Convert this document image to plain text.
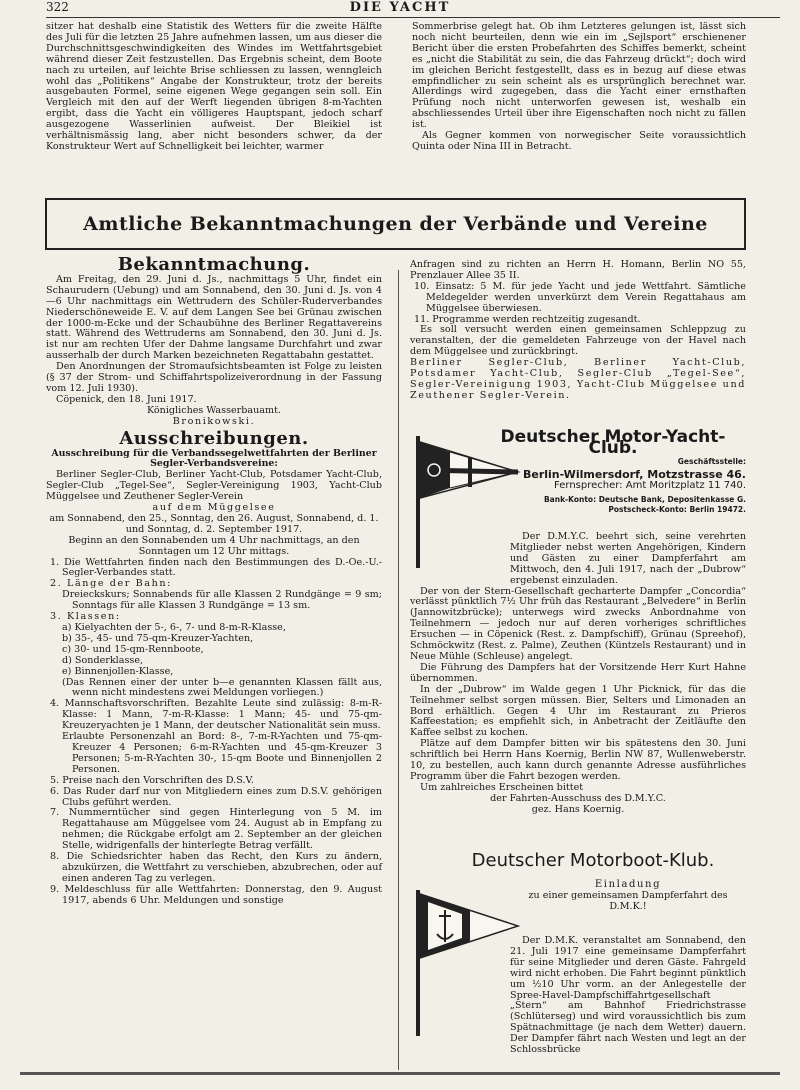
322	DIE YACHT

sitzer hat deshalb eine Statistik des Wetters für die zweite Hälfte des Juli für die letzten 25 Jahre aufnehmen lassen, um aus dieser die Durchschnittsgeschwindigkeiten des Windes im Wettfahrtsgebiet während dieser Zeit festzustellen. Das Ergebnis scheint, dem Boote nach zu urteilen, auf leichte Brise schliessen zu lassen, wenngleich wohl das „Politikens“ Angabe der Konstrukteur, trotz der bereits ausgebauten Formel, seine eigenen Wege gegangen sein soll. Ein Vergleich mit den auf der Werft liegenden übrigen 8-m-Yachten ergibt, dass die Yacht ein völligeres Hauptspant, jedoch scharf ausgezogene Wasserlinien aufweist. Der Bleikiel ist verhältnismässig lang, aber nicht besonders schwer, da der Konstrukteur Wert auf Schnelligkeit bei leichter, warmer

Sommerbrise gelegt hat. Ob ihm Letzteres gelungen ist, lässt sich noch nicht beurteilen, denn wie ein im „Sejlsport“ erschienener Bericht über die ersten Probefahrten des Schiffes bemerkt, scheint es „nicht die Stabilität zu sein, die das Fahrzeug drückt“; doch wird im gleichen Bericht festgestellt, dass es in bezug auf diese etwas empfindlicher zu sein scheint als es ursprünglich berechnet war. Allerdings wird zugegeben, dass die Yacht einer ernsthaften Prüfung noch nicht unterworfen gewesen ist, weshalb ein abschliessendes Urteil über ihre Eigenschaften noch nicht zu fällen ist.

Als Gegner kommen von norwegischer Seite voraussichtlich Quinta oder Nina III in Betracht.

Amtliche Bekanntmachungen der Verbände und Vereine
Bekanntmachung.

Am Freitag, den 29. Juni d. Js., nachmittags 5 Uhr, findet ein Schaurudern (Uebung) und am Sonnabend, den 30. Juni d. Js. von 4—6 Uhr nachmittags ein Wettrudern des Schüler-Ruderverbandes Niederschöneweide E. V. auf dem Langen See bei Grünau zwischen der 1000-m-Ecke und der Schaubühne des Berliner Regattavereins statt. Während des Wettruderns am Sonnabend, den 30. Juni d. Js. ist nur am rechten Ufer der Dahme langsame Durchfahrt und zwar ausserhalb der durch Marken bezeichneten Regattabahn gestattet.

Den Anordnungen der Stromaufsichtsbeamten ist Folge zu leisten (§ 37 der Strom- und Schiffahrtspolizeiverordnung in der Fassung vom 12. Juli 1930).

Cöpenick, den 18. Juni 1917.

Königliches Wasserbauamt.

Bronikowski.

Ausschreibungen.

Ausschreibung für die Verbandssegelwettfahrten der Berliner Segler-Verbandsvereine:

Berliner Segler-Club, Berliner Yacht-Club, Potsdamer Yacht-Club, Segler-Club „Tegel-See“, Segler-Vereinigung 1903, Yacht-Club Müggelsee und Zeuthener Segler-Verein

auf dem Müggelsee

am Sonnabend, den 25., Sonntag, den 26. August, Sonnabend, d. 1. und Sonntag, d. 2. September 1917.

Beginn an den Sonnabenden um 4 Uhr nachmittags, an den Sonntagen um 12 Uhr mittags.

1. Die Wettfahrten finden nach den Bestimmungen des D.-Oe.-U.-Segler-Verbandes statt.
2. Länge der Bahn:
Dreieckskurs; Sonnabends für alle Klassen 2 Rundgänge = 9 sm; Sonntags für alle Klassen 3 Rundgänge = 13 sm.
3. Klassen:
a) Kielyachten der 5-, 6-, 7- und 8-m-R-Klasse,
b) 35-, 45- und 75-qm-Kreuzer-Yachten,
c) 30- und 15-qm-Rennboote,
d) Sonderklasse,
e) Binnenjollen-Klasse,
(Das Rennen einer der unter b—e genannten Klassen fällt aus, wenn nicht mindestens zwei Meldungen vorliegen.)
4. Mannschaftsvorschriften. Bezahlte Leute sind zulässig: 8-m-R-Klasse: 1 Mann, 7-m-R-Klasse: 1 Mann; 45- und 75-qm-Kreuzeryachten je 1 Mann, der deutscher Nationalität sein muss.
Erlaubte Personenzahl an Bord: 8-, 7-m-R-Yachten und 75-qm-Kreuzer 4 Personen; 6-m-R-Yachten und 45-qm-Kreuzer 3 Personen; 5-m-R-Yachten 30-, 15-qm Boote und Binnenjollen 2 Personen.
5. Preise nach den Vorschriften des D.S.V.
6. Das Ruder darf nur von Mitgliedern eines zum D.S.V. gehörigen Clubs geführt werden.
7. Nummerntücher sind gegen Hinterlegung von 5 M. im Regattahause am Müggelsee vom 24. August ab in Empfang zu nehmen; die Rückgabe erfolgt am 2. September an der gleichen Stelle, widrigenfalls der hinterlegte Betrag verfällt.
8. Die Schiedsrichter haben das Recht, den Kurs zu ändern, abzukürzen, die Wettfahrt zu verschieben, abzubrechen, oder auf einen anderen Tag zu verlegen.
9. Meldeschluss für alle Wettfahrten: Donnerstag, den 9. August 1917, abends 6 Uhr. Meldungen und sonstige

Anfragen sind zu richten an Herrn H. Homann, Berlin NO 55, Prenzlauer Allee 35 II.

10. Einsatz: 5 M. für jede Yacht und jede Wettfahrt. Sämtliche Meldegelder werden unverkürzt dem Verein Regattahaus am Müggelsee überwiesen.
11. Programme werden rechtzeitig zugesandt.

Es soll versucht werden einen gemeinsamen Schleppzug zu veranstalten, der die gemeldeten Fahrzeuge von der Havel nach dem Müggelsee und zurückbringt.

Berliner Segler-Club, Berliner Yacht-Club, Potsdamer Yacht-Club, Segler-Club „Tegel-See“, Segler-Vereinigung 1903, Yacht-Club Müggelsee und Zeuthener Segler-Verein.

Deutscher Motor-Yacht-Club.
Geschäftsstelle:
Berlin-Wilmersdorf, Motzstrasse 46.
Fernsprecher: Amt Moritzplatz 11 740.
Bank-Konto: Deutsche Bank, Depositenkasse G.
Postscheck-Konto: Berlin 19472.

Der D.M.Y.C. beehrt sich, seine verehrten Mitglieder nebst werten Angehörigen, Kindern und Gästen zu einer Dampferfahrt am Mittwoch, den 4. Juli 1917, nach der „Dubrow“ ergebenst einzuladen.

Der von der Stern-Gesellschaft gecharterte Dampfer „Concordia“ verlässt pünktlich 7½ Uhr früh das Restaurant „Belvedere“ in Berlin (Jannowitzbrücke); unterwegs wird zwecks Anbordnahme von Teilnehmern — jedoch nur auf deren vorheriges schriftliches Ersuchen — in Cöpenick (Rest. z. Dampfschiff), Grünau (Spreehof), Schmöckwitz (Rest. z. Palme), Zeuthen (Küntzels Restaurant) und in Neue Mühle (Schleuse) angelegt.

Die Führung des Dampfers hat der Vorsitzende Herr Kurt Hahne übernommen.

In der „Dubrow“ im Walde gegen 1 Uhr Picknick, für das die Teilnehmer selbst sorgen müssen. Bier, Selters und Limonaden an Bord erhältlich. Gegen 4 Uhr im Restaurant zu Prieros Kaffeestation; es empfiehlt sich, in Anbetracht der Zeitläufte den Kaffee selbst zu kochen.

Plätze auf dem Dampfer bitten wir bis spätestens den 30. Juni schriftlich bei Herrn Hans Koernig, Berlin NW 87, Wullenweberstr. 10, zu bestellen, auch kann durch genannte Adresse ausführliches Programm über die Fahrt bezogen werden.

Um zahlreiches Erscheinen bittet

der Fahrten-Ausschuss des D.M.Y.C.

gez. Hans Koernig.

Deutscher Motorboot-Klub.

Einladung

zu einer gemeinsamen Dampferfahrt des D.M.K.!

Der D.M.K. veranstaltet am Sonnabend, den 21. Juli 1917 eine gemeinsame Dampferfahrt für seine Mitglieder und deren Gäste. Fahrgeld wird nicht erhoben. Die Fahrt beginnt pünktlich um ½10 Uhr vorm. an der Anlegestelle der Spree-Havel-Dampfschiffahrtgesellschaft „Stern“ am Bahnhof Friedrichstrasse (Schlüterseg) und wird voraussichtlich bis zum Spätnachmittage (je nach dem Wetter) dauern. Der Dampfer fährt nach Westen und legt an der Schlossbrücke
